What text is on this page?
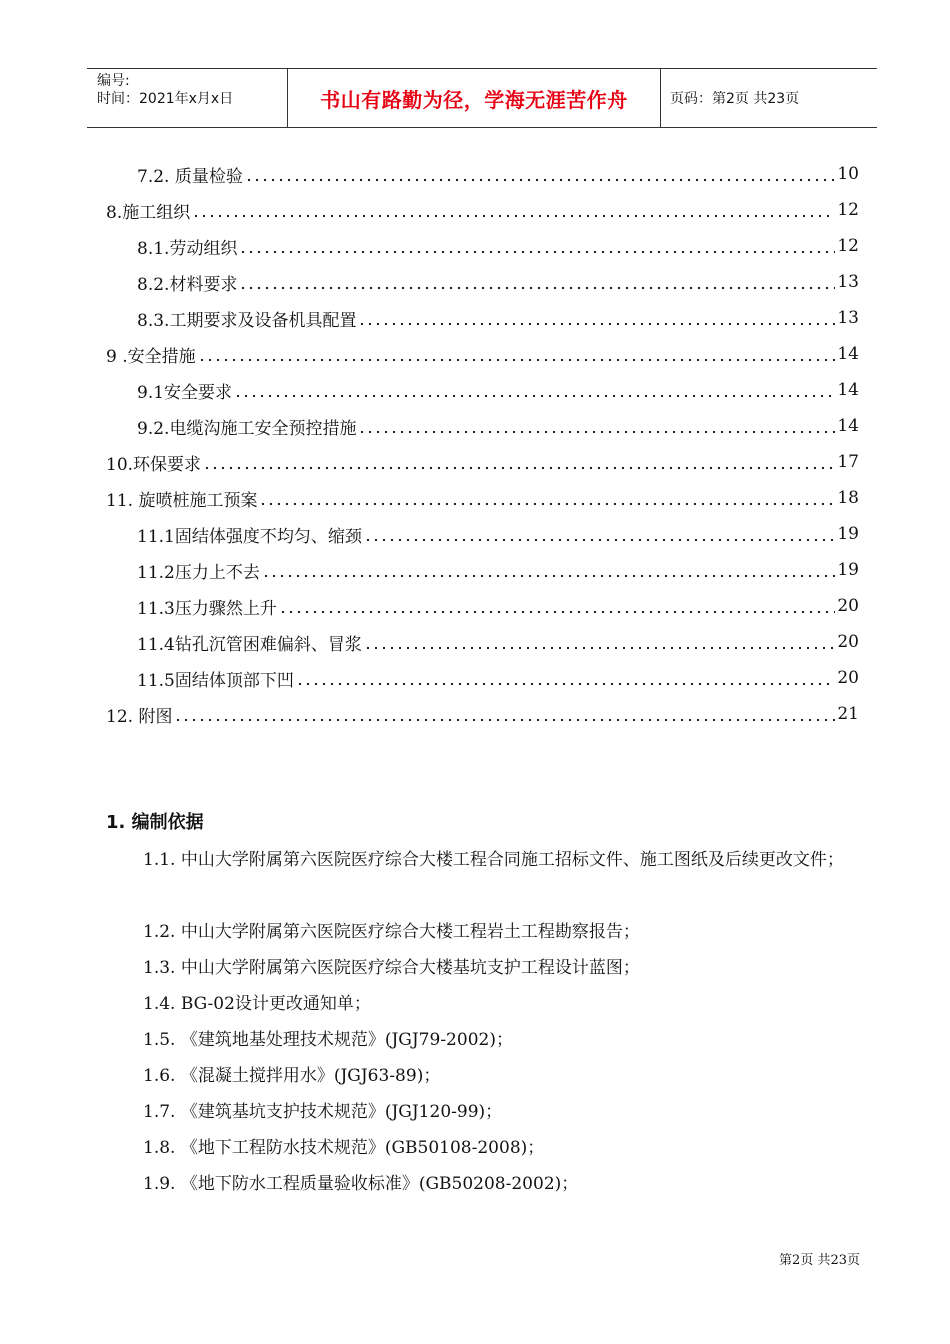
编号:
时间：2021年x月x日	书山有路勤为径，学海无涯苦作舟	页码：第2页 共23页
7.2. 质量检验	10
8.施工组织	12
8.1.劳动组织	12
8.2.材料要求	13
8.3.工期要求及设备机具配置	13
9 .安全措施	14
9.1安全要求	14
9.2.电缆沟施工安全预控措施	14
10.环保要求	17
11. 旋喷桩施工预案	18
11.1固结体强度不均匀、缩颈	19
11.2压力上不去	19
11.3压力骤然上升	20
11.4钻孔沉管困难偏斜、冒浆	20
11.5固结体顶部下凹	20
12. 附图	21
1. 编制依据
1.1. 中山大学附属第六医院医疗综合大楼工程合同施工招标文件、施工图纸及后续更改文件；
1.2. 中山大学附属第六医院医疗综合大楼工程岩土工程勘察报告；
1.3. 中山大学附属第六医院医疗综合大楼基坑支护工程设计蓝图；
1.4. BG-02设计更改通知单；
1.5. 《建筑地基处理技术规范》(JGJ79-2002)；
1.6. 《混凝土搅拌用水》(JGJ63-89)；
1.7. 《建筑基坑支护技术规范》(JGJ120-99)；
1.8. 《地下工程防水技术规范》(GB50108-2008)；
1.9. 《地下防水工程质量验收标准》(GB50208-2002)；
第2页 共23页
